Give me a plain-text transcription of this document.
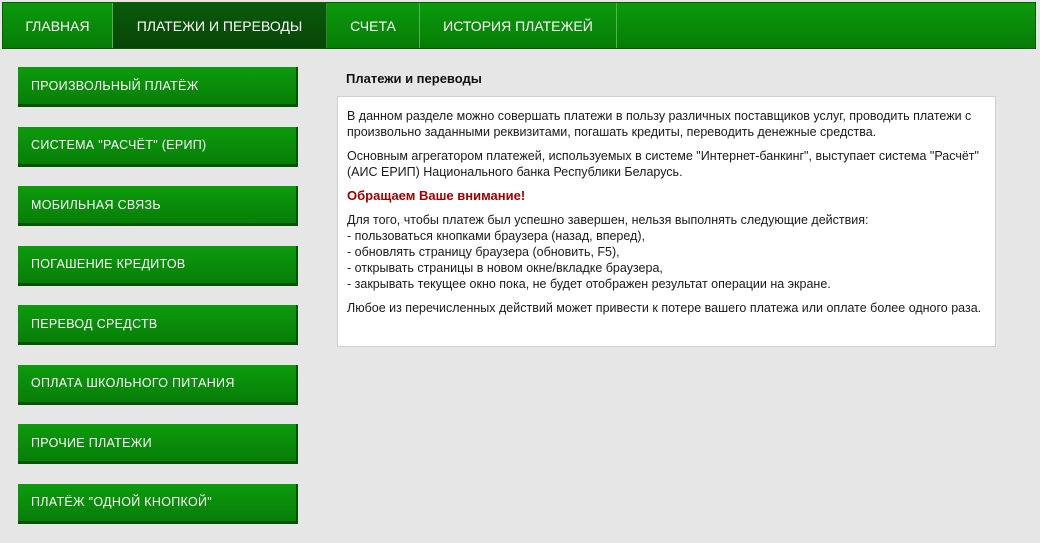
ГЛАВНАЯ	ПЛАТЕЖИ И ПЕРЕВОДЫ	СЧЕТА	ИСТОРИЯ ПЛАТЕЖЕЙ
ПРОИЗВОЛЬНЫЙ ПЛАТЁЖ
СИСТЕМА "РАСЧЁТ" (ЕРИП)
МОБИЛЬНАЯ СВЯЗЬ
ПОГАШЕНИЕ КРЕДИТОВ
ПЕРЕВОД СРЕДСТВ
ОПЛАТА ШКОЛЬНОГО ПИТАНИЯ
ПРОЧИЕ ПЛАТЕЖИ
ПЛАТЁЖ "ОДНОЙ КНОПКОЙ"
Платежи и переводы

В данном разделе можно совершать платежи в пользу различных поставщиков услуг, проводить платежи с произвольно заданными реквизитами, погашать кредиты, переводить денежные средства.

Основным агрегатором платежей, используемых в системе "Интернет-банкинг", выступает система "Расчёт" (АИС ЕРИП) Национального банка Республики Беларусь.

Обращаем Ваше внимание!

Для того, чтобы платеж был успешно завершен, нельзя выполнять следующие действия:
- пользоваться кнопками браузера (назад, вперед),
- обновлять страницу браузера (обновить, F5),
- открывать страницы в новом окне/вкладке браузера,
- закрывать текущее окно пока, не будет отображен результат операции на экране.

Любое из перечисленных действий может привести к потере вашего платежа или оплате более одного раза.
